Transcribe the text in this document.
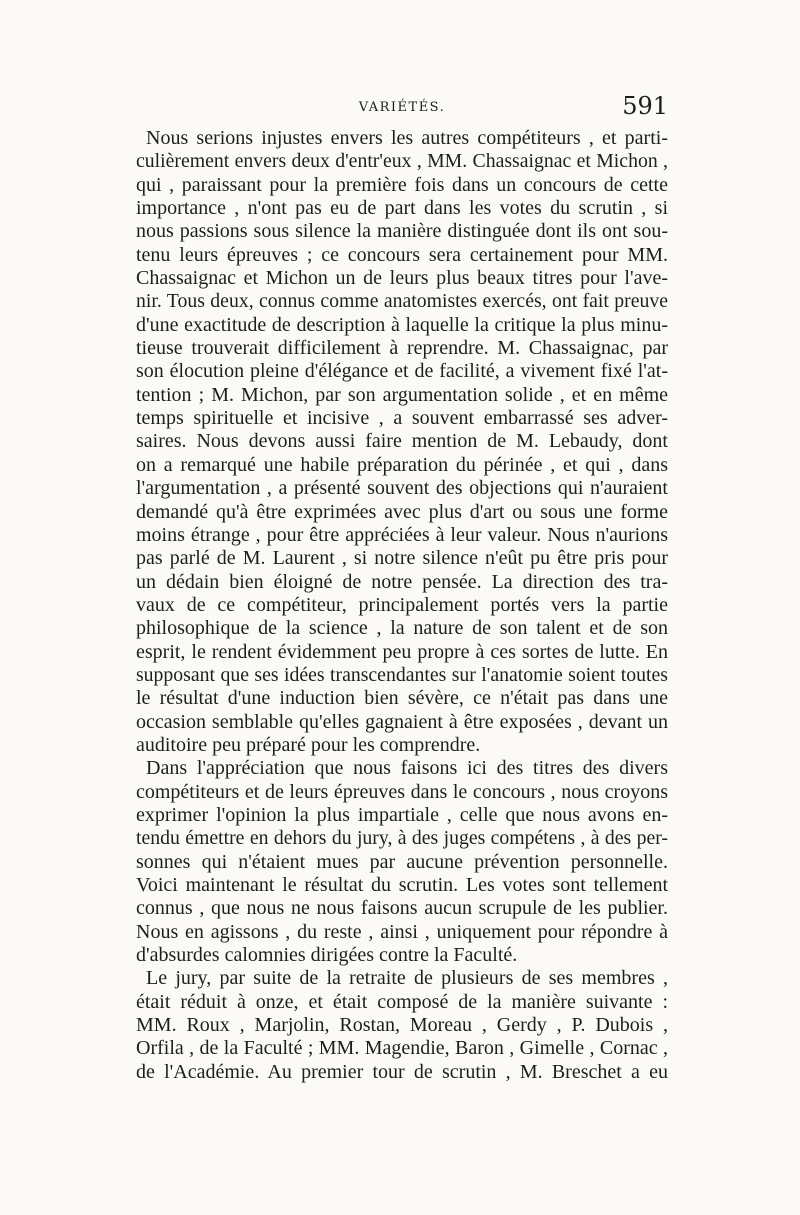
VARIÉTÉS.	591
Nous serions injustes envers les autres compétiteurs , et parti-
culièrement envers deux d'entr'eux , MM. Chassaignac et Michon ,
qui , paraissant pour la première fois dans un concours de cette
importance , n'ont pas eu de part dans les votes du scrutin , si
nous passions sous silence la manière distinguée dont ils ont sou-
tenu leurs épreuves ; ce concours sera certainement pour MM.
Chassaignac et Michon un de leurs plus beaux titres pour l'ave-
nir. Tous deux, connus comme anatomistes exercés, ont fait preuve
d'une exactitude de description à laquelle la critique la plus minu-
tieuse trouverait difficilement à reprendre. M. Chassaignac, par
son élocution pleine d'élégance et de facilité, a vivement fixé l'at-
tention ; M. Michon, par son argumentation solide , et en même
temps spirituelle et incisive , a souvent embarrassé ses adver-
saires. Nous devons aussi faire mention de M. Lebaudy, dont
on a remarqué une habile préparation du périnée , et qui , dans
l'argumentation , a présenté souvent des objections qui n'auraient
demandé qu'à être exprimées avec plus d'art ou sous une forme
moins étrange , pour être appréciées à leur valeur. Nous n'aurions
pas parlé de M. Laurent , si notre silence n'eût pu être pris pour
un dédain bien éloigné de notre pensée. La direction des tra-
vaux de ce compétiteur, principalement portés vers la partie
philosophique de la science , la nature de son talent et de son
esprit, le rendent évidemment peu propre à ces sortes de lutte. En
supposant que ses idées transcendantes sur l'anatomie soient toutes
le résultat d'une induction bien sévère, ce n'était pas dans une
occasion semblable qu'elles gagnaient à être exposées , devant un
auditoire peu préparé pour les comprendre.
Dans l'appréciation que nous faisons ici des titres des divers
compétiteurs et de leurs épreuves dans le concours , nous croyons
exprimer l'opinion la plus impartiale , celle que nous avons en-
tendu émettre en dehors du jury, à des juges compétens , à des per-
sonnes qui n'étaient mues par aucune prévention personnelle.
Voici maintenant le résultat du scrutin. Les votes sont tellement
connus , que nous ne nous faisons aucun scrupule de les publier.
Nous en agissons , du reste , ainsi , uniquement pour répondre à
d'absurdes calomnies dirigées contre la Faculté.
Le jury, par suite de la retraite de plusieurs de ses membres ,
était réduit à onze, et était composé de la manière suivante :
MM. Roux , Marjolin, Rostan, Moreau , Gerdy , P. Dubois ,
Orfila , de la Faculté ; MM. Magendie, Baron , Gimelle , Cornac ,
de l'Académie. Au premier tour de scrutin , M. Breschet a eu
